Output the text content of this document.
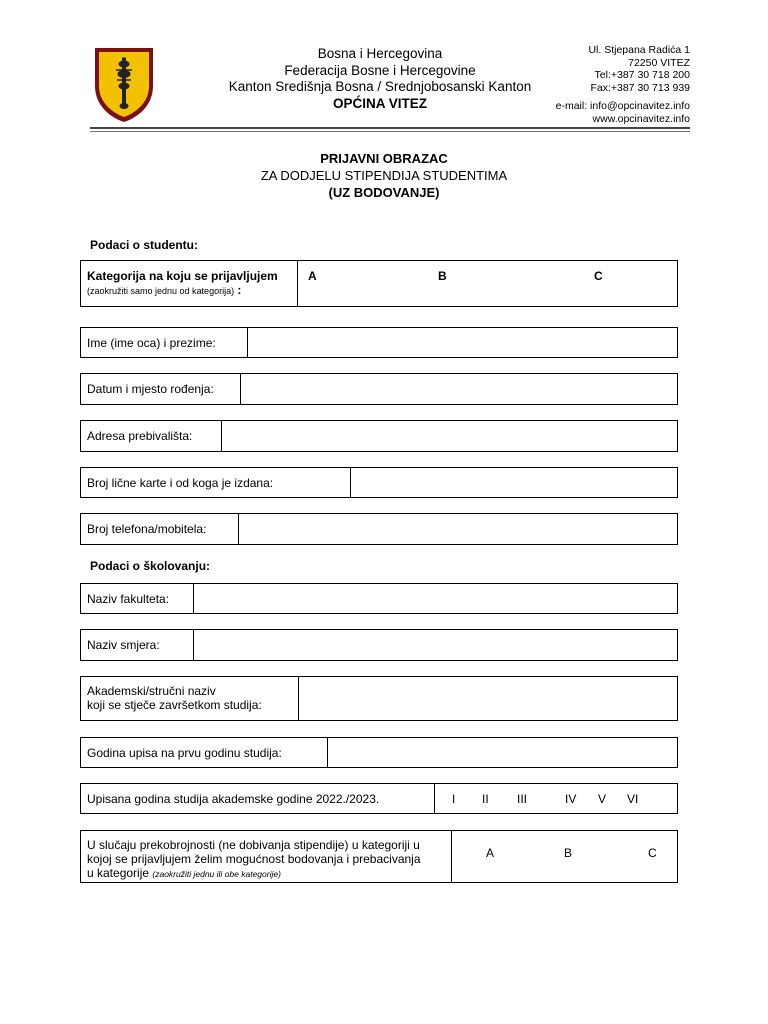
Bosna i Hercegovina
Federacija Bosne i Hercegovine
Kanton Središnja Bosna / Srednjobosanski Kanton
OPĆINA VITEZ
Ul. Stjepana Radića 1
72250 VITEZ
Tel:+387 30 718 200
Fax:+387 30 713 939
e-mail: info@opcinavitez.info
www.opcinavitez.info
PRIJAVNI OBRAZAC
ZA DODJELU STIPENDIJA STUDENTIMA
(UZ BODOVANJE)
Podaci o studentu:
Kategorija na koju se prijavljujem
(zaokružiti samo jednu od kategorija) :
A	B	C
Ime (ime oca) i prezime:
Datum i mjesto rođenja:
Adresa prebivališta:
Broj lične karte i od koga je izdana:
Broj telefona/mobitela:
Podaci o školovanju:
Naziv fakulteta:
Naziv smjera:
Akademski/stručni naziv
koji se stječe završetkom studija:
Godina upisa na prvu godinu studija:
Upisana godina studija akademske godine 2022./2023.	I II III	IV V VI
U slučaju prekobrojnosti (ne dobivanja stipendije) u kategoriji u
kojoj se prijavljujem želim mogućnost bodovanja i prebacivanja
u kategorije (zaokružiti jednu ili obe kategorije)
A	B	C
